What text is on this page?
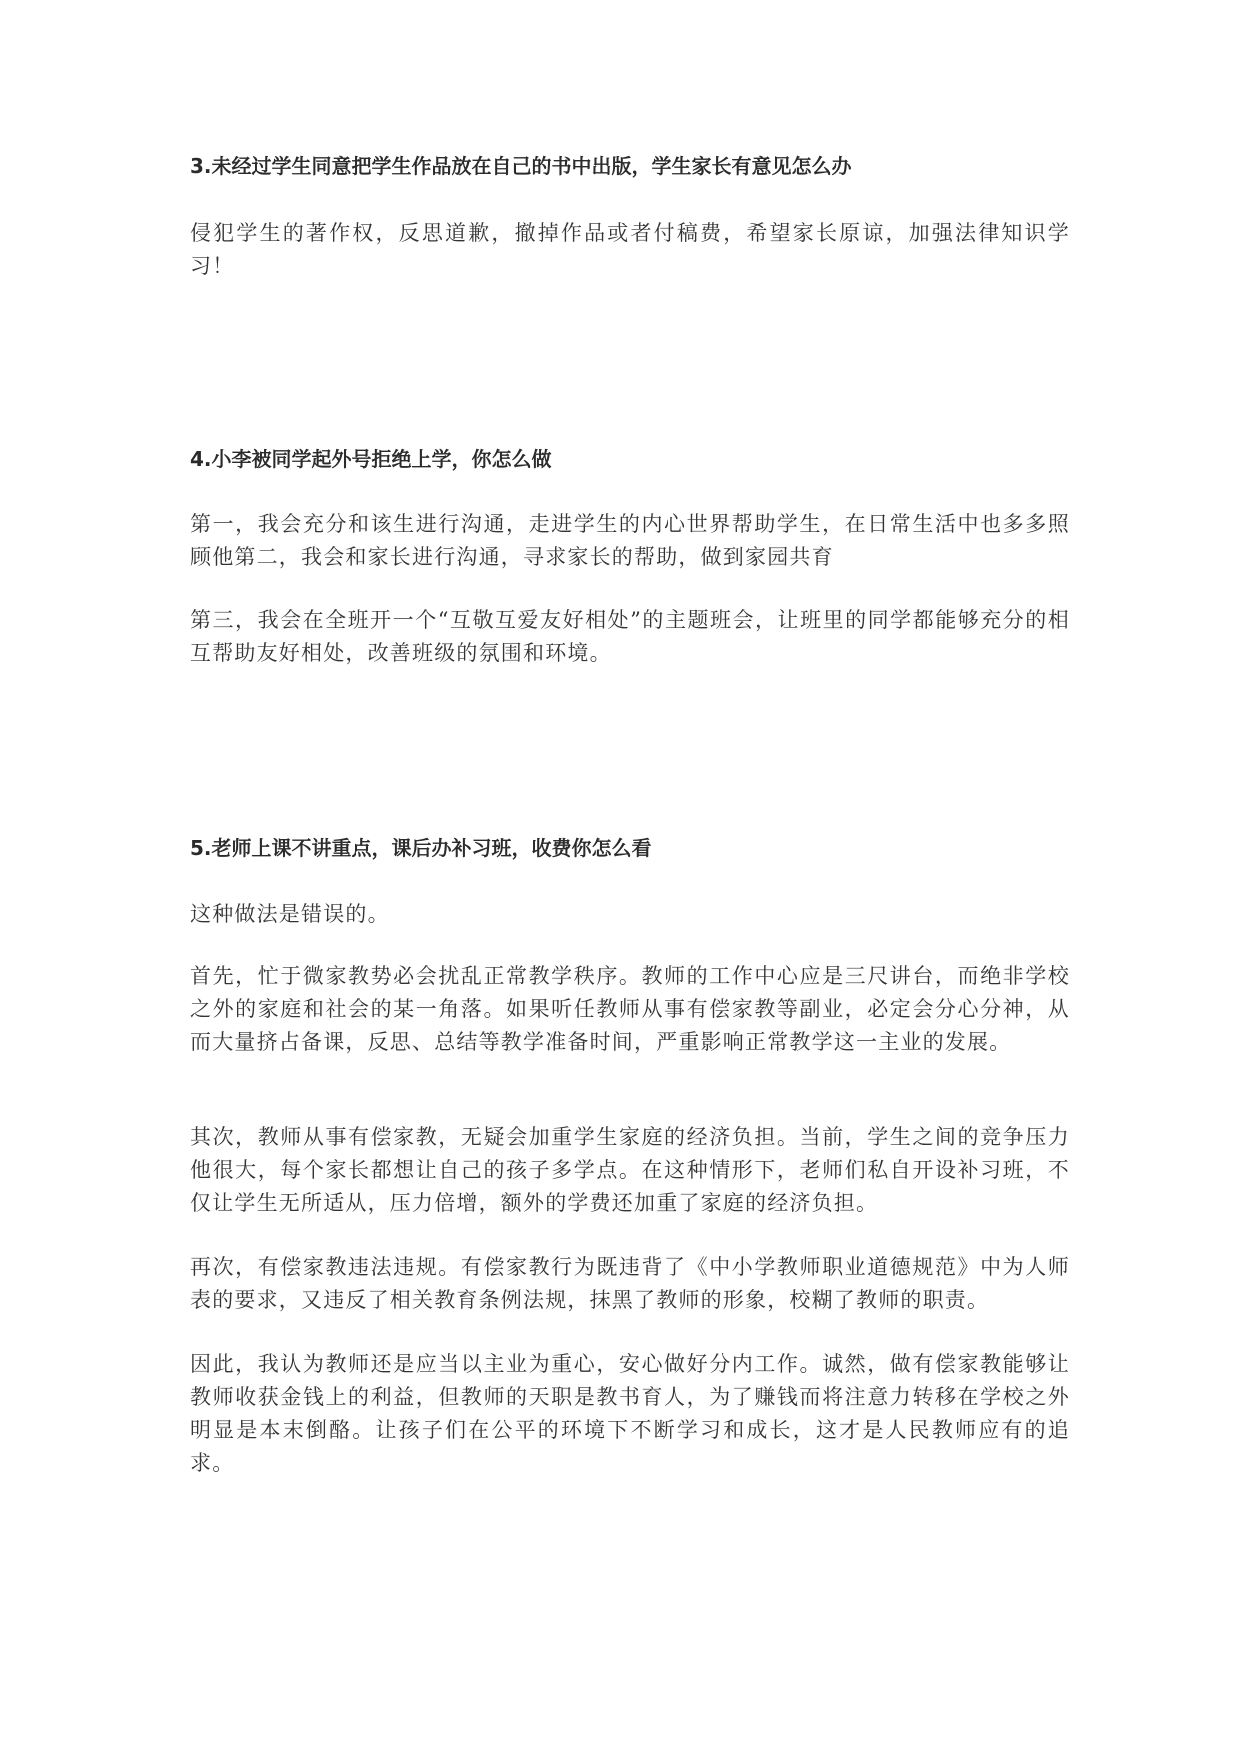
3.未经过学生同意把学生作品放在自己的书中出版，学生家长有意见怎么办

侵犯学生的著作权，反思道歉，撤掉作品或者付稿费，希望家长原谅，加强法律知识学习！

4.小李被同学起外号拒绝上学，你怎么做

第一，我会充分和该生进行沟通，走进学生的内心世界帮助学生，在日常生活中也多多照顾他第二，我会和家长进行沟通，寻求家长的帮助，做到家园共育

第三，我会在全班开一个“互敬互爱友好相处”的主题班会，让班里的同学都能够充分的相互帮助友好相处，改善班级的氛围和环境。

5.老师上课不讲重点，课后办补习班，收费你怎么看

这种做法是错误的。

首先，忙于微家教势必会扰乱正常教学秩序。教师的工作中心应是三尺讲台，而绝非学校之外的家庭和社会的某一角落。如果听任教师从事有偿家教等副业，必定会分心分神，从而大量挤占备课，反思、总结等教学准备时间，严重影响正常教学这一主业的发展。

其次，教师从事有偿家教，无疑会加重学生家庭的经济负担。当前，学生之间的竞争压力他很大，每个家长都想让自己的孩子多学点。在这种情形下，老师们私自开设补习班，不仅让学生无所适从，压力倍增，额外的学费还加重了家庭的经济负担。

再次，有偿家教违法违规。有偿家教行为既违背了《中小学教师职业道德规范》中为人师表的要求，又违反了相关教育条例法规，抹黑了教师的形象，校糊了教师的职责。

因此，我认为教师还是应当以主业为重心，安心做好分内工作。诚然，做有偿家教能够让教师收获金钱上的利益，但教师的天职是教书育人，为了赚钱而将注意力转移在学校之外明显是本末倒酪。让孩子们在公平的环境下不断学习和成长，这才是人民教师应有的追求。
